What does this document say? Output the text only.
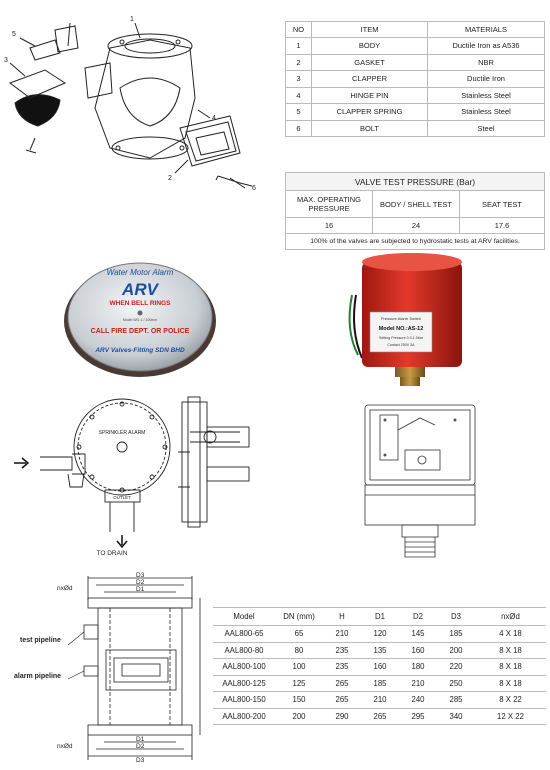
1
5
3
4
2
6
NO	ITEM	MATERIALS
1	BODY	Ductile Iron as A536
2	GASKET	NBR
3	CLAPPER	Ductile Iron
4	HINGE PIN	Stainless Steel
5	CLAPPER SPRING	Stainless Steel
6	BOLT	Steel
VALVE TEST PRESSURE (Bar)		
MAX. OPERATING PRESSURE	BODY / SHELL TEST	SEAT TEST
16	24	17.6
100% of the valves are subjected to hydrostatic tests at ARV facilities.		
Water Motor Alarm
ARV
WHEN BELL RINGS
Model WG-1 / 100mm
CALL FIRE DEPT. OR POLICE
ARV Valves-Fitting SDN BHD
Pressure Alarm Switch
Model NO.:AS-12
Setting Pressure 0.3-1.0bar
Contact 250V 3A
SPRINKLER ALARM
OUTLET
TO DRAIN
nxØd
D3
D2
D1
test pipeline
alarm pipeline
nxØd
D1
D2
D3
Model	DN (mm)	H	D1	D2	D3	nxØd
AAL800-65	65	210	120	145	185	4 X 18
AAL800-80	80	235	135	160	200	8 X 18
AAL800-100	100	235	160	180	220	8 X 18
AAL800-125	125	265	185	210	250	8 X 18
AAL800-150	150	265	210	240	285	8 X 22
AAL800-200	200	290	265	295	340	12 X 22
